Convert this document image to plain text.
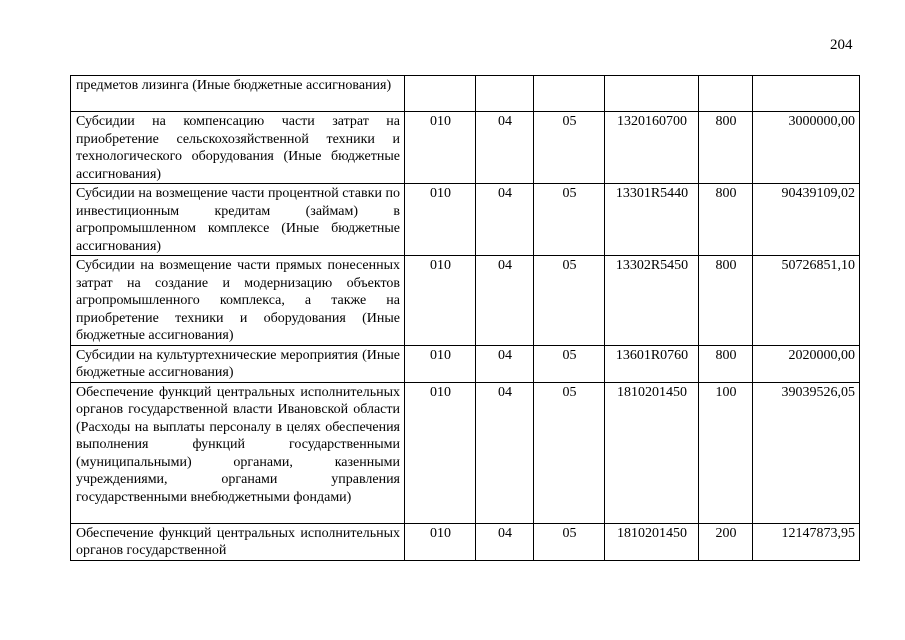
204
предметов лизинга (Иные бюджетные ассигнования)						
Субсидии на компенсацию части затрат на приобретение сельскохозяйственной техники и технологического оборудования (Иные бюджетные ассигнования)	010	04	05	1320160700	800	3000000,00
Субсидии на возмещение части процентной ставки по инвестиционным кредитам (займам) в агропромышленном комплексе (Иные бюджетные ассигнования)	010	04	05	13301R5440	800	90439109,02
Субсидии на возмещение части прямых понесенных затрат на создание и модернизацию объектов агропромышленного комплекса, а также на приобретение техники и оборудования (Иные бюджетные ассигнования)	010	04	05	13302R5450	800	50726851,10
Субсидии на культуртехнические мероприятия (Иные бюджетные ассигнования)	010	04	05	13601R0760	800	2020000,00
Обеспечение функций центральных исполнительных органов государственной власти Ивановской области (Расходы на выплаты персоналу в целях обеспечения выполнения функций государственными (муниципальными) органами, казенными учреждениями, органами управления государственными внебюджетными фондами)	010	04	05	1810201450	100	39039526,05
Обеспечение функций центральных исполнительных органов государственной	010	04	05	1810201450	200	12147873,95
